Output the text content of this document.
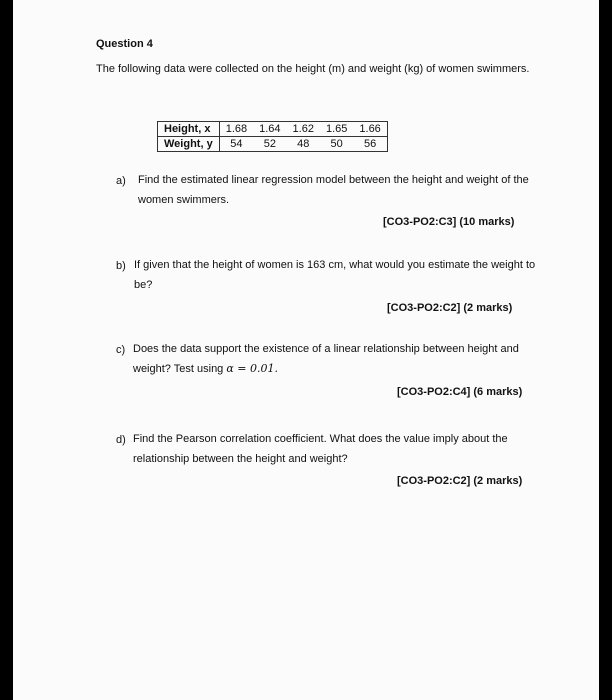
Question 4
The following data were collected on the height (m) and weight (kg) of women swimmers.
Height, x	1.68	1.64	1.62	1.65	1.66
Weight, y	54	52	48	50	56
a) Find the estimated linear regression model between the height and weight of the women swimmers.
[CO3-PO2:C3] (10 marks)
b) If given that the height of women is 163 cm, what would you estimate the weight to be?
[CO3-PO2:C2] (2 marks)
c) Does the data support the existence of a linear relationship between height and weight? Test using α = 0.01.
[CO3-PO2:C4] (6 marks)
d) Find the Pearson correlation coefficient. What does the value imply about the relationship between the height and weight?
[CO3-PO2:C2] (2 marks)
